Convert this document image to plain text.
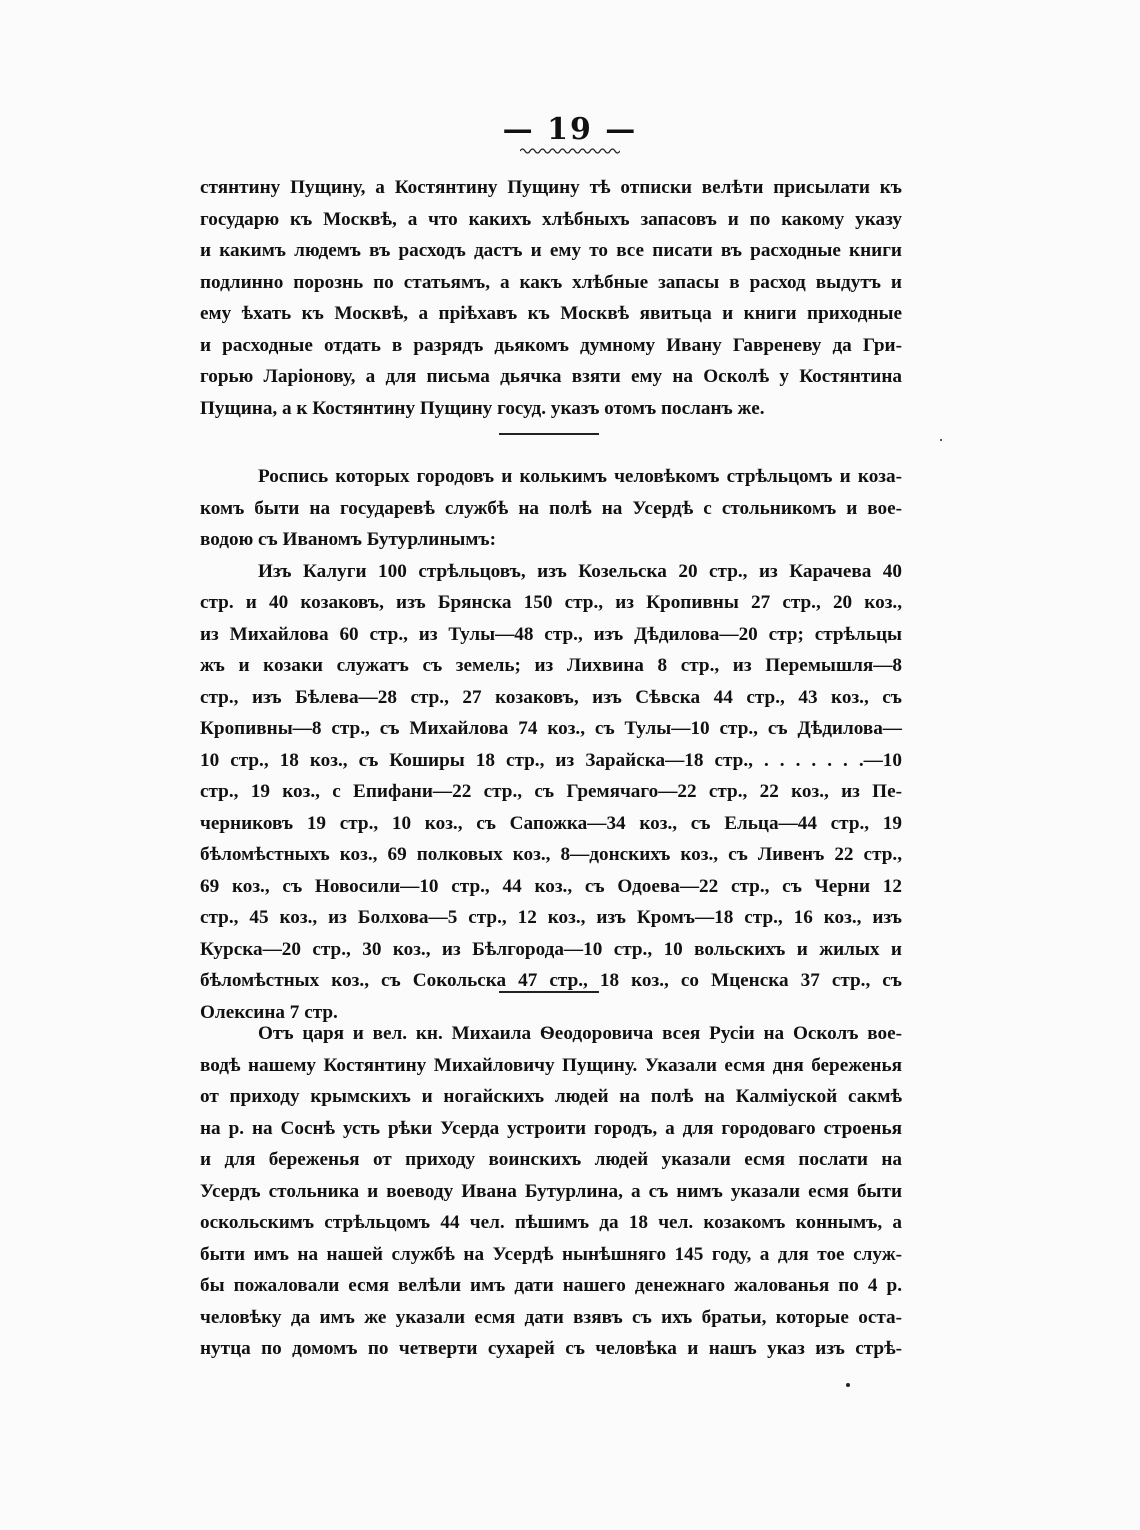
— 19 —
стянтину Пущину, а Костянтину Пущину тѣ отписки велѣти присылати къ
государю къ Москвѣ, а что какихъ хлѣбныхъ запасовъ и по какому указу
и какимъ людемъ въ расходъ дастъ и ему то все писати въ расходные книги
подлинно порознь по статьямъ, а какъ хлѣбные запасы в расход выдутъ и
ему ѣхать къ Москвѣ, а пріѣхавъ къ Москвѣ явитьца и книги приходные
и расходные отдать в разрядъ дьякомъ думному Ивану Гавреневу да Гри-
горью Ларіонову, а для письма дьячка взяти ему на Осколѣ у Костянтина
Пущина, а к Костянтину Пущину госуд. указъ отомъ посланъ же.
Роспись которых городовъ и колькимъ человѣкомъ стрѣльцомъ и коза-
комъ быти на государевѣ службѣ на полѣ на Усердѣ с стольникомъ и вое-
водою съ Иваномъ Бутурлинымъ:
Изъ Калуги 100 стрѣльцовъ, изъ Козельска 20 стр., из Карачева 40
стр. и 40 козаковъ, изъ Брянска 150 стр., из Кропивны 27 стр., 20 коз.,
из Михайлова 60 стр., из Тулы—48 стр., изъ Дѣдилова—20 стр; стрѣльцы
жъ и козаки служатъ съ земель; из Лихвина 8 стр., из Перемышля—8
стр., изъ Бѣлева—28 стр., 27 козаковъ, изъ Сѣвска 44 стр., 43 коз., съ
Кропивны—8 стр., съ Михайлова 74 коз., съ Тулы—10 стр., съ Дѣдилова—
10 стр., 18 коз., съ Коширы 18 стр., из Зарайска—18 стр., . . . . . . .—10
стр., 19 коз., с Епифани—22 стр., съ Гремячаго—22 стр., 22 коз., из Пе-
черниковъ 19 стр., 10 коз., съ Сапожка—34 коз., съ Ельца—44 стр., 19
бѣломѣстныхъ коз., 69 полковых коз., 8—донскихъ коз., съ Ливенъ 22 стр.,
69 коз., съ Новосили—10 стр., 44 коз., съ Одоева—22 стр., съ Черни 12
стр., 45 коз., из Болхова—5 стр., 12 коз., изъ Кромъ—18 стр., 16 коз., изъ
Курска—20 стр., 30 коз., из Бѣлгорода—10 стр., 10 вольскихъ и жилых и
бѣломѣстных коз., съ Сокольска 47 стр., 18 коз., со Мценска 37 стр., съ
Олексина 7 стр.
Отъ царя и вел. кн. Михаила Ѳеодоровича всея Русіи на Осколъ вое-
водѣ нашему Костянтину Михайловичу Пущину. Указали есмя дня береженья
от приходу крымскихъ и ногайскихъ людей на полѣ на Калміуской сакмѣ
на р. на Соснѣ усть рѣки Усерда устроити городъ, а для городоваго строенья
и для береженья от приходу воинскихъ людей указали есмя послати на
Усердъ стольника и воеводу Ивана Бутурлина, а съ нимъ указали есмя быти
оскольскимъ стрѣльцомъ 44 чел. пѣшимъ да 18 чел. козакомъ коннымъ, а
быти имъ на нашей службѣ на Усердѣ нынѣшняго 145 году, а для тое служ-
бы пожаловали есмя велѣли имъ дати нашего денежнаго жалованья по 4 р.
человѣку да имъ же указали есмя дати взявъ съ ихъ братьи, которые оста-
нутца по домомъ по четверти сухарей съ человѣка и нашъ указ изъ стрѣ-
